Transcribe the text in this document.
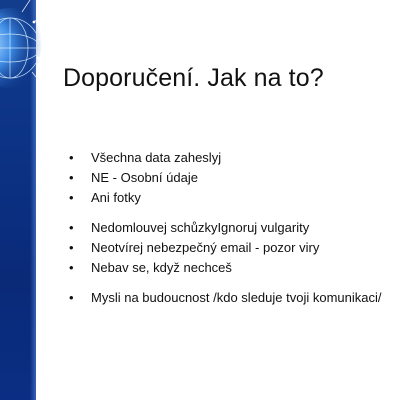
Doporučení. Jak na to?
• Všechna data zaheslуj
• NE - Osobní údaje
• Ani fotky
• Nedomlouvej schůzkyIgnoruj vulgarity
• Neotvírej nebezpečný email - pozor viry
• Nebav se, když nechceš
• Mysli na budoucnost /kdo sleduje tvoji komunikaci/
